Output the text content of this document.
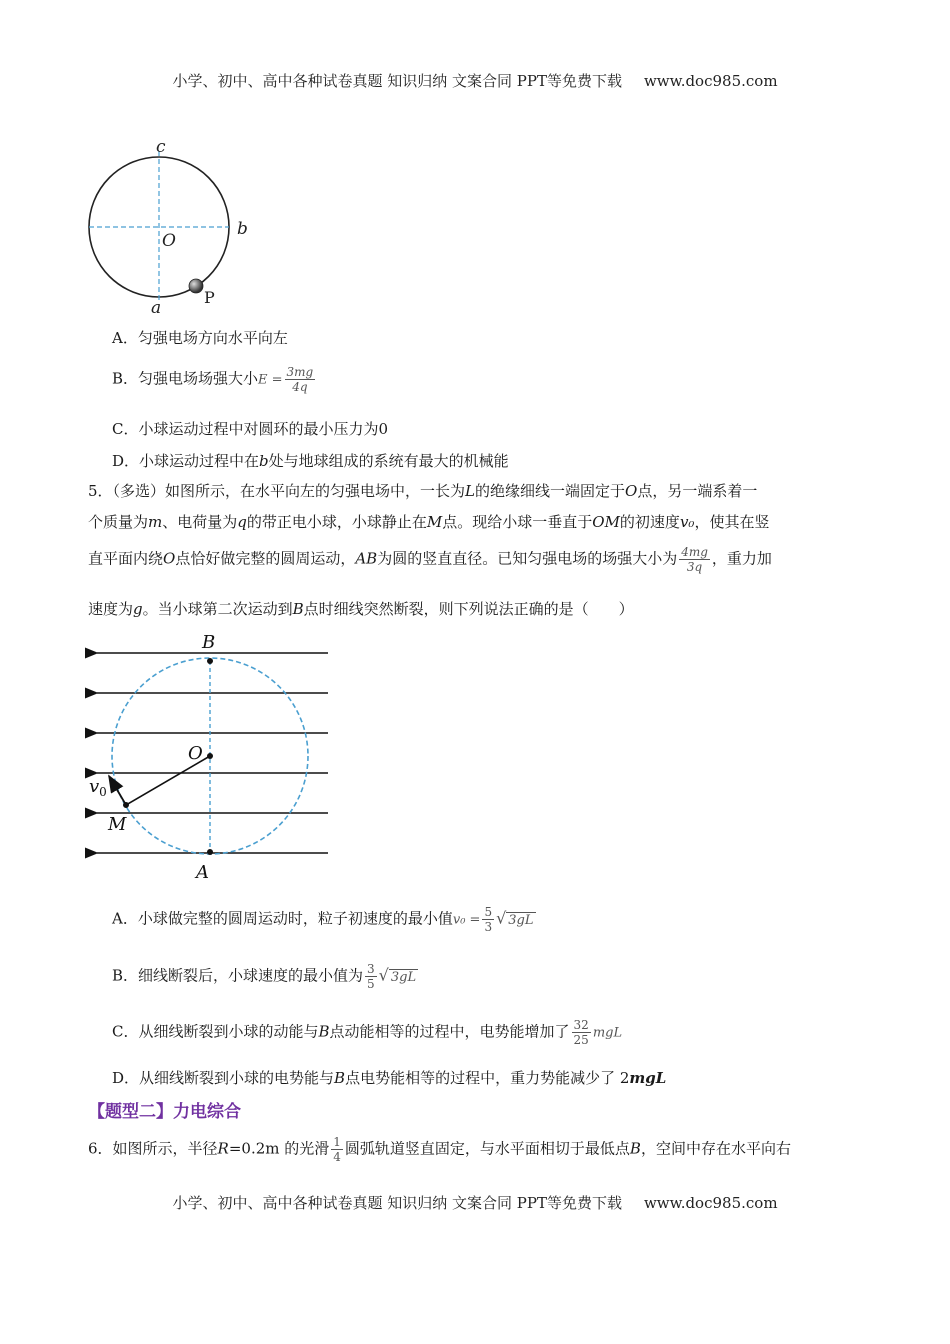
小学、初中、高中各种试卷真题 知识归纳 文案合同 PPT等免费下载 www.doc985.com
c
b
O
a
P
A．匀强电场方向水平向左
B．匀强电场场强大小$E = \frac{3mg}{4q}$
C．小球运动过程中对圆环的最小压力为0
D．小球运动过程中在b处与地球组成的系统有最大的机械能
5．（多选）如图所示，在水平向左的匀强电场中，一长为L的绝缘细线一端固定于O点，另一端系着一
个质量为m、电荷量为q的带正电小球，小球静止在M点。现给小球一垂直于OM的初速度v₀，使其在竖
直平面内绕O点恰好做完整的圆周运动，AB为圆的竖直直径。已知匀强电场的场强大小为 $\frac{4mg}{3q}$ ，重力加
速度为g。当小球第二次运动到B点时细线突然断裂，则下列说法正确的是（　　）
B
O
$v_0$
M
A
A．小球做完整的圆周运动时，粒子初速度的最小值$v_0 = \frac{5}{3}$ √ 3gL
B．细线断裂后，小球速度的最小值为 $\frac{3}{5}$ √ 3gL
C．从细线断裂到小球的动能与B点动能相等的过程中，电势能增加了 $\frac{32}{25}$ mgL
D．从细线断裂到小球的电势能与B点电势能相等的过程中，重力势能减少了 2mgL
【题型二】力电综合
6．如图所示，半径R=0.2m 的光滑 $\frac{1}{4}$ 圆弧轨道竖直固定，与水平面相切于最低点B，空间中存在水平向右
小学、初中、高中各种试卷真题 知识归纳 文案合同 PPT等免费下载 www.doc985.com
